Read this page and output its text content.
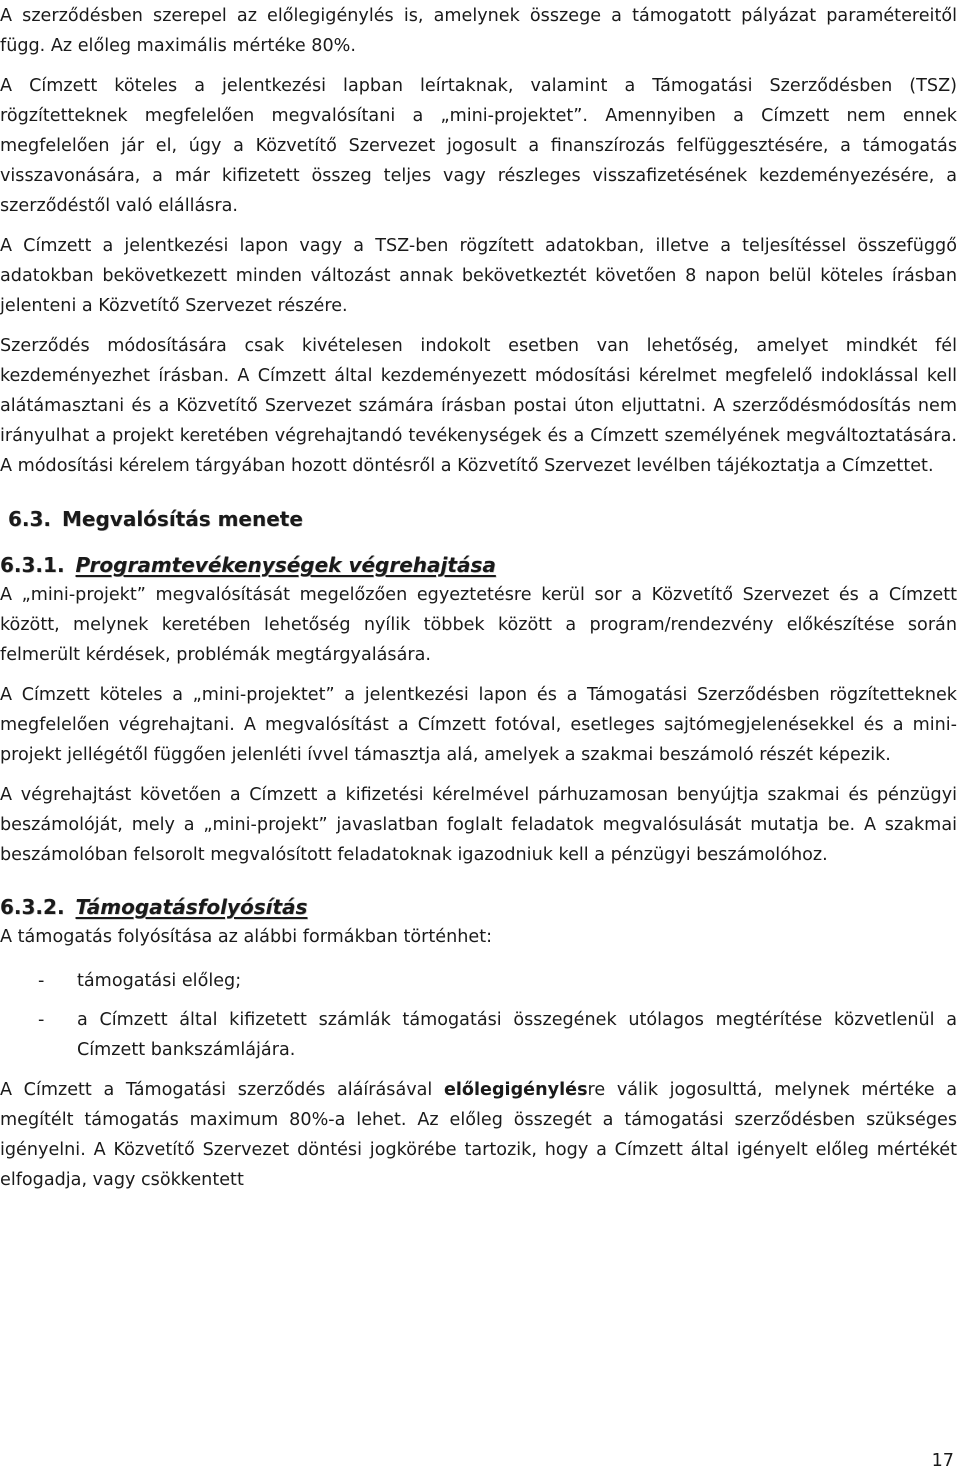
A szerződésben szerepel az előlegigénylés is, amelynek összege a támogatott pályázat paramétereitől függ. Az előleg maximális mértéke 80%.

A Címzett köteles a jelentkezési lapban leírtaknak, valamint a Támogatási Szerződésben (TSZ) rögzítetteknek megfelelően megvalósítani a „mini-projektet”. Amennyiben a Címzett nem ennek megfelelően jár el, úgy a Közvetítő Szervezet jogosult a finanszírozás felfüggesztésére, a támogatás visszavonására, a már kifizetett összeg teljes vagy részleges visszafizetésének kezdeményezésére, a szerződéstől való elállásra.

A Címzett a jelentkezési lapon vagy a TSZ-ben rögzített adatokban, illetve a teljesítéssel összefüggő adatokban bekövetkezett minden változást annak bekövetkeztét követően 8 napon belül köteles írásban jelenteni a Közvetítő Szervezet részére.

Szerződés módosítására csak kivételesen indokolt esetben van lehetőség, amelyet mindkét fél kezdeményezhet írásban. A Címzett által kezdeményezett módosítási kérelmet megfelelő indoklással kell alátámasztani és a Közvetítő Szervezet számára írásban postai úton eljuttatni. A szerződésmódosítás nem irányulhat a projekt keretében végrehajtandó tevékenységek és a Címzett személyének megváltoztatására. A módosítási kérelem tárgyában hozott döntésről a Közvetítő Szervezet levélben tájékoztatja a Címzettet.

6.3. Megvalósítás menete
6.3.1. Programtevékenységek végrehajtása

A „mini-projekt” megvalósítását megelőzően egyeztetésre kerül sor a Közvetítő Szervezet és a Címzett között, melynek keretében lehetőség nyílik többek között a program/rendezvény előkészítése során felmerült kérdések, problémák megtárgyalására.

A Címzett köteles a „mini-projektet” a jelentkezési lapon és a Támogatási Szerződésben rögzítetteknek megfelelően végrehajtani. A megvalósítást a Címzett fotóval, esetleges sajtómegjelenésekkel és a mini-projekt jellégétől függően jelenléti ívvel támasztja alá, amelyek a szakmai beszámoló részét képezik.

A végrehajtást követően a Címzett a kifizetési kérelmével párhuzamosan benyújtja szakmai és pénzügyi beszámolóját, mely a „mini-projekt” javaslatban foglalt feladatok megvalósulását mutatja be. A szakmai beszámolóban felsorolt megvalósított feladatoknak igazodniuk kell a pénzügyi beszámolóhoz.

6.3.2. Támogatásfolyósítás

A támogatás folyósítása az alábbi formákban történhet:

- támogatási előleg;
- a Címzett által kifizetett számlák támogatási összegének utólagos megtérítése közvetlenül a Címzett bankszámlájára.

A Címzett a Támogatási szerződés aláírásával előlegigénylésre válik jogosulttá, melynek mértéke a megítélt támogatás maximum 80%-a lehet. Az előleg összegét a támogatási szerződésben szükséges igényelni. A Közvetítő Szervezet döntési jogkörébe tartozik, hogy a Címzett által igényelt előleg mértékét elfogadja, vagy csökkentett

17
